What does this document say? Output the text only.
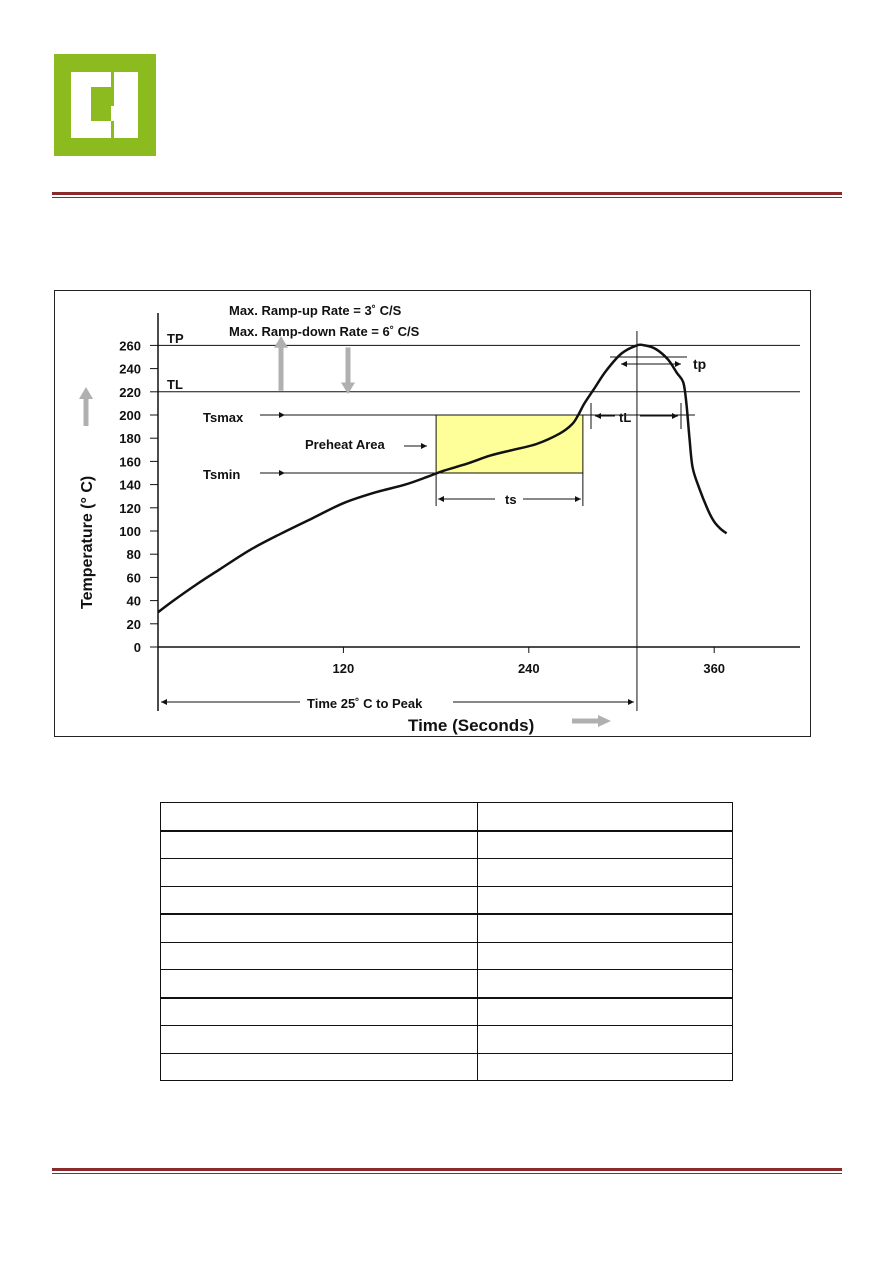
0
20
40
60
80
100
120
140
160
180
200
220
240
260
120	240	360
Max. Ramp-up Rate = 3˚ C/S
Max. Ramp-down Rate = 6˚ C/S
TP
TL
Tsmax
Preheat Area
Tsmin
ts
tL
tp
Time 25˚ C to Peak
Time (Seconds)
Temperature (° C)
